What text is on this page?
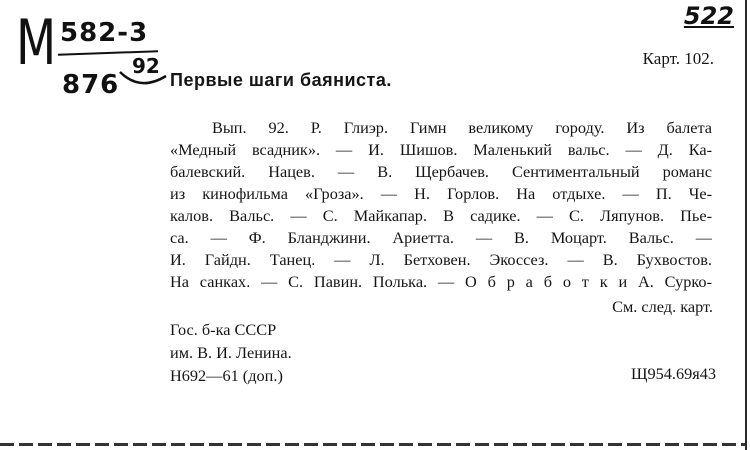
М 582-3
876
92
522
Карт. 102.
Первые шаги баяниста.
Вып. 92. Р. Глиэр. Гимн великому городу. Из балета
«Медный всадник». — И. Шишов. Маленький вальс. — Д. Ка-
балевский. Нацев. — В. Щербачев. Сентиментальный романс
из кинофильма «Гроза». — Н. Горлов. На отдыхе. — П. Че-
калов. Вальс. — С. Майкапар. В садике. — С. Ляпунов. Пье-
са. — Ф. Бланджини. Ариетта. — В. Моцарт. Вальс. —
И. Гайдн. Танец. — Л. Бетховен. Экоссез. — В. Бухвостов.
На санках. — С. Павин. Полька. — О б р а б о т к и А. Сурко-
См. след. карт.
Гос. б-ка СССР
им. В. И. Ленина.
Н692—61 (доп.)	Щ954.69я43
